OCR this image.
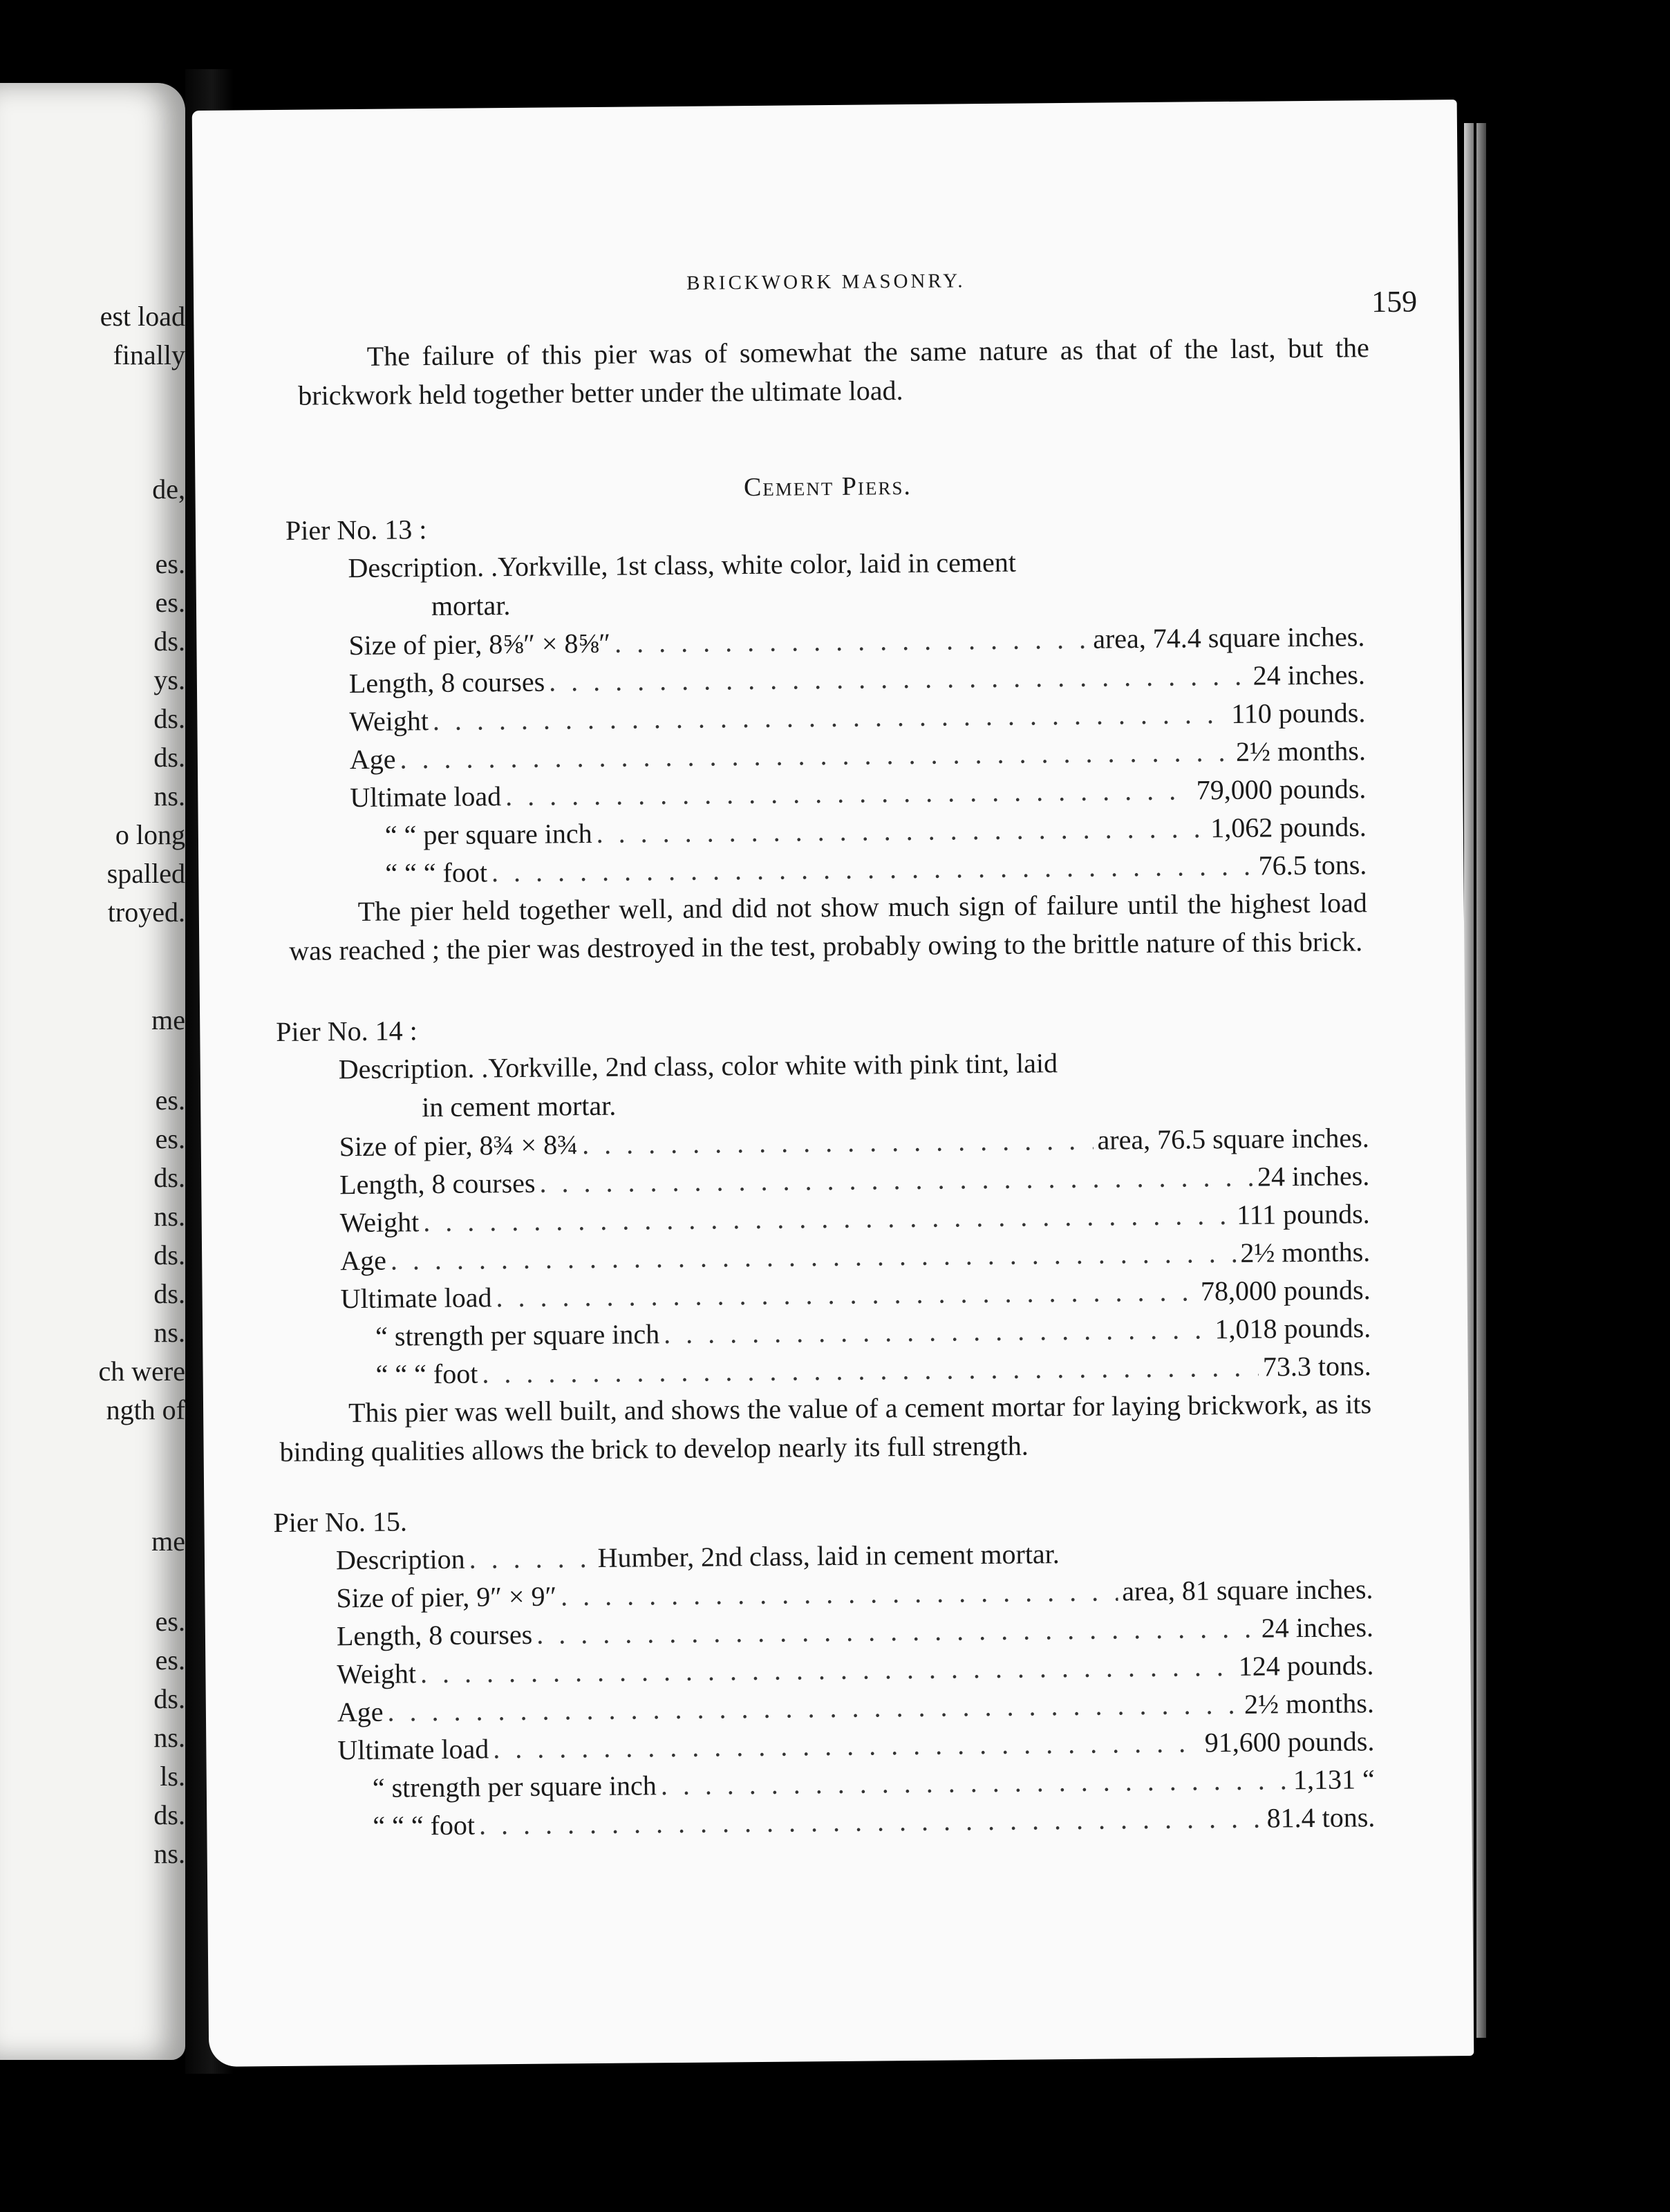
est load
finally
de,
es.
es.
ds.
ys.
ds.
ds.
ns.
o long
spalled
troyed.
me
es.
es.
ds.
ns.
ds.
ds.
ns.
ch were
ngth of
me
es.
es.
ds.
ns.
ls.
ds.
ns.
BRICKWORK MASONRY.
159

The failure of this pier was of somewhat the same nature as that of the last, but the brickwork held together better under the ultimate load.

Cement Piers.
Pier No. 13 :
Description. .Yorkville, 1st class, white color, laid in cement
mortar.
Size of pier, 8⅝″ × 8⅝″ . . .	area, 74.4 square inches.
Length, 8 courses . . .	24 inches.
Weight . . .	110 pounds.
Age . . .	2½ months.
Ultimate load . . .	79,000 pounds.
“ “ per square inch . . .	1,062 pounds.
“ “ “ foot . . .	76.5 tons.

The pier held together well, and did not show much sign of failure until the highest load was reached ; the pier was destroyed in the test, probably owing to the brittle nature of this brick.

Pier No. 14 :
Description. .Yorkville, 2nd class, color white with pink tint, laid
in cement mortar.
Size of pier, 8¾ × 8¾ . . .	area, 76.5 square inches.
Length, 8 courses . . .	24 inches.
Weight . . .	111 pounds.
Age . . .	2½ months.
Ultimate load . . .	78,000 pounds.
“ strength per square inch . . .	1,018 pounds.
“ “ “ foot . . .	73.3 tons.

This pier was well built, and shows the value of a cement mortar for laying brickwork, as its binding qualities allows the brick to develop nearly its full strength.

Pier No. 15.
Description . . .	Humber, 2nd class, laid in cement mortar.
Size of pier, 9″ × 9″ . . .	area, 81 square inches.
Length, 8 courses . . .	24 inches.
Weight . . .	124 pounds.
Age . . .	2½ months.
Ultimate load . . .	91,600 pounds.
“ strength per square inch . . .	1,131 “
“ “ “ foot . . .	81.4 tons.
